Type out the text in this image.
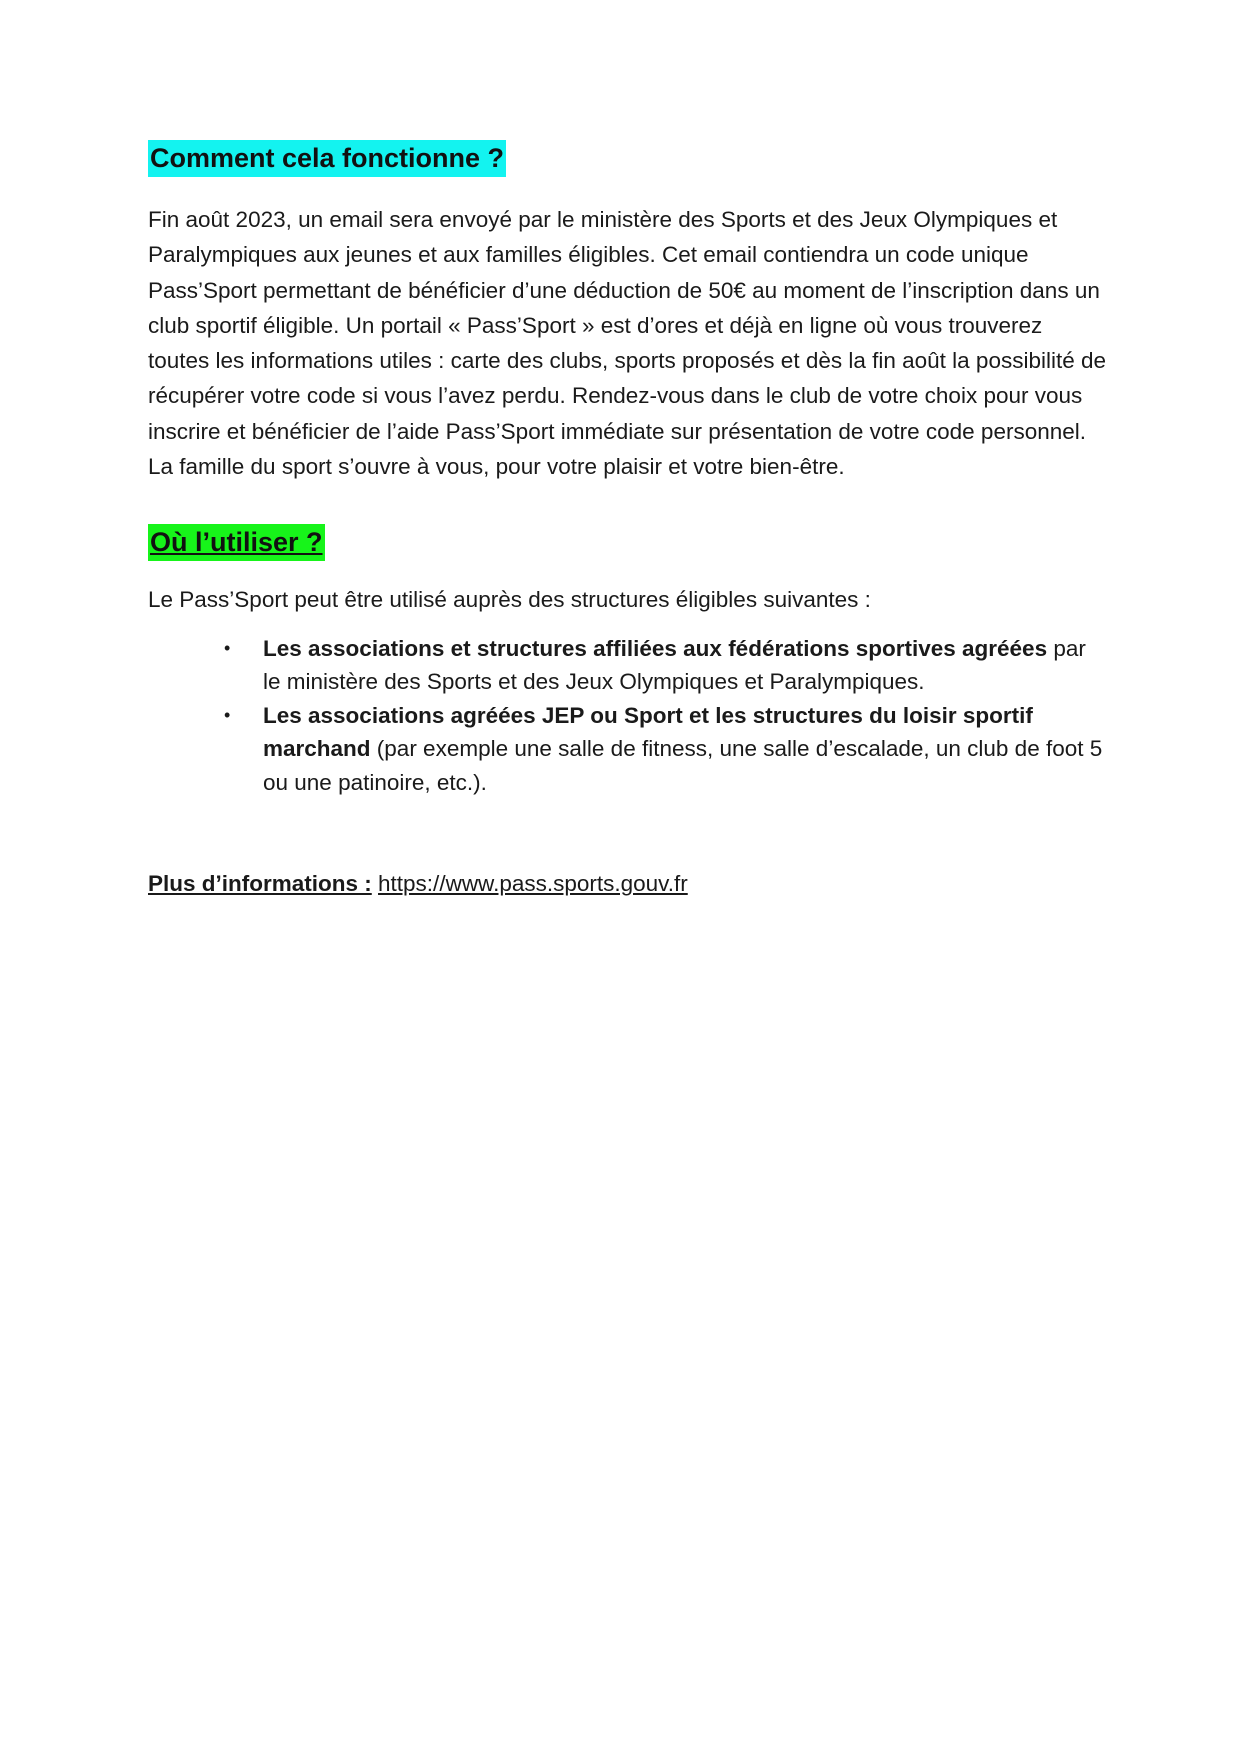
Comment cela fonctionne ?

Fin août 2023, un email sera envoyé par le ministère des Sports et des Jeux Olympiques et Paralympiques aux jeunes et aux familles éligibles. Cet email contiendra un code unique Pass’Sport permettant de bénéficier d’une déduction de 50€ au moment de l’inscription dans un club sportif éligible. Un portail « Pass’Sport » est d’ores et déjà en ligne où vous trouverez toutes les informations utiles : carte des clubs, sports proposés et dès la fin août la possibilité de récupérer votre code si vous l’avez perdu. Rendez-vous dans le club de votre choix pour vous inscrire et bénéficier de l’aide Pass’Sport immédiate sur présentation de votre code personnel. La famille du sport s’ouvre à vous, pour votre plaisir et votre bien-être.

Où l’utiliser ?

Le Pass’Sport peut être utilisé auprès des structures éligibles suivantes :

• Les associations et structures affiliées aux fédérations sportives agréées par le ministère des Sports et des Jeux Olympiques et Paralympiques.
• Les associations agréées JEP ou Sport et les structures du loisir sportif marchand (par exemple une salle de fitness, une salle d’escalade, un club de foot 5 ou une patinoire, etc.).

Plus d’informations : https://www.pass.sports.gouv.fr
